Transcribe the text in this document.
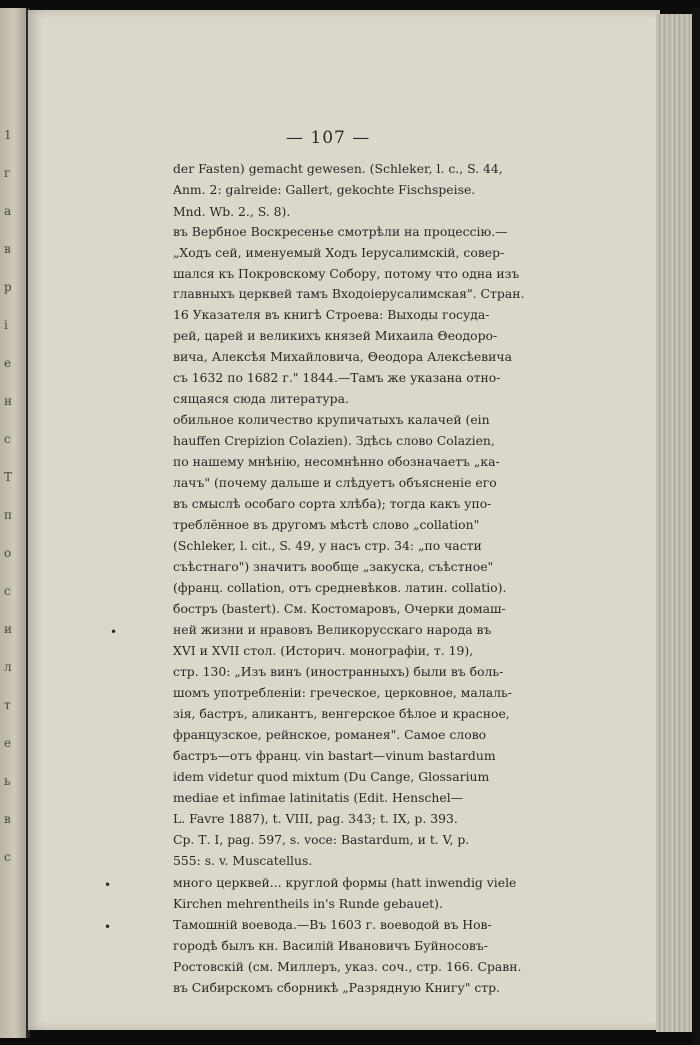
1
г
а
в
р
і
е
н
с
Т
п
о
с
и
л
т
е
ь
в
с
— 107 —
der Fasten) gemacht gewesen. (Schleker, l. c., S. 44,
Anm. 2: galreide: Gallert, gekochte Fischspeise.
Mnd. Wb. 2., S. 8).
въ Вербное Воскресенье смотрѣли на процессiю.—
„Ходъ сей, именуемый Ходъ Iерусалимскiй, совер-
шался къ Покровскому Собору, потому что одна изъ
главныхъ церквей тамъ Входоiерусалимская". Стран.
16 Указателя въ книгѣ Строева: Выходы госуда-
рей, царей и великихъ князей Михаила Θеодоро-
вича, Алексѣя Михайловича, Θеодора Алексѣевича
съ 1632 по 1682 г." 1844.—Тамъ же указана отно-
сящаяся сюда литература.
обильное количество крупичатыхъ калачей (ein
hauffen Crepizion Colazien). Здѣсь слово Colazien,
по нашему мнѣнiю, несомнѣнно обозначаетъ „ка-
лачъ" (почему дальше и слѣдуетъ объясненiе его
въ смыслѣ особаго сорта хлѣба); тогда какъ упо-
треблённое въ другомъ мѣстѣ слово „collation"
(Schleker, l. cit., S. 49, у насъ стр. 34: „по части
съѣстнаго") значитъ вообще „закуска, съѣстное"
(франц. collation, отъ средневѣков. латин. collatio).
бостръ (bastert). См. Костомаровъ, Очерки домаш-
ней жизни и нравовъ Великорусскаго народа въ
XVI и XVII стол. (Историч. монографiи, т. 19),
стр. 130: „Изъ винъ (иностранныхъ) были въ боль-
шомъ употребленiи: греческое, церковное, малаль-
зія, бастръ, аликантъ, венгерское бѣлое и красное,
французское, рейнское, романея". Самое слово
бастръ—отъ франц. vin bastart—vinum bastardum
idem videtur quod mixtum (Du Cange, Glossarium
mediae et infimae latinitatis (Edit. Henschel—
L. Favre 1887), t. VIII, pag. 343; t. IX, p. 393.
Ср. Т. I, pag. 597, s. voce: Bastardum, и t. V, p.
555: s. v. Muscatellus.
много церквей... круглой формы (hatt inwendig viele
Kirchen mehrentheils in's Runde gebauet).
Тамошнiй воевода.—Въ 1603 г. воеводой въ Нов-
городѣ былъ кн. Василiй Ивановичъ Буйносовъ-
Ростовскiй (см. Миллеръ, указ. соч., стр. 166. Сравн.
въ Сибирскомъ сборникѣ „Разрядную Книгу" стр.
•
•
•
